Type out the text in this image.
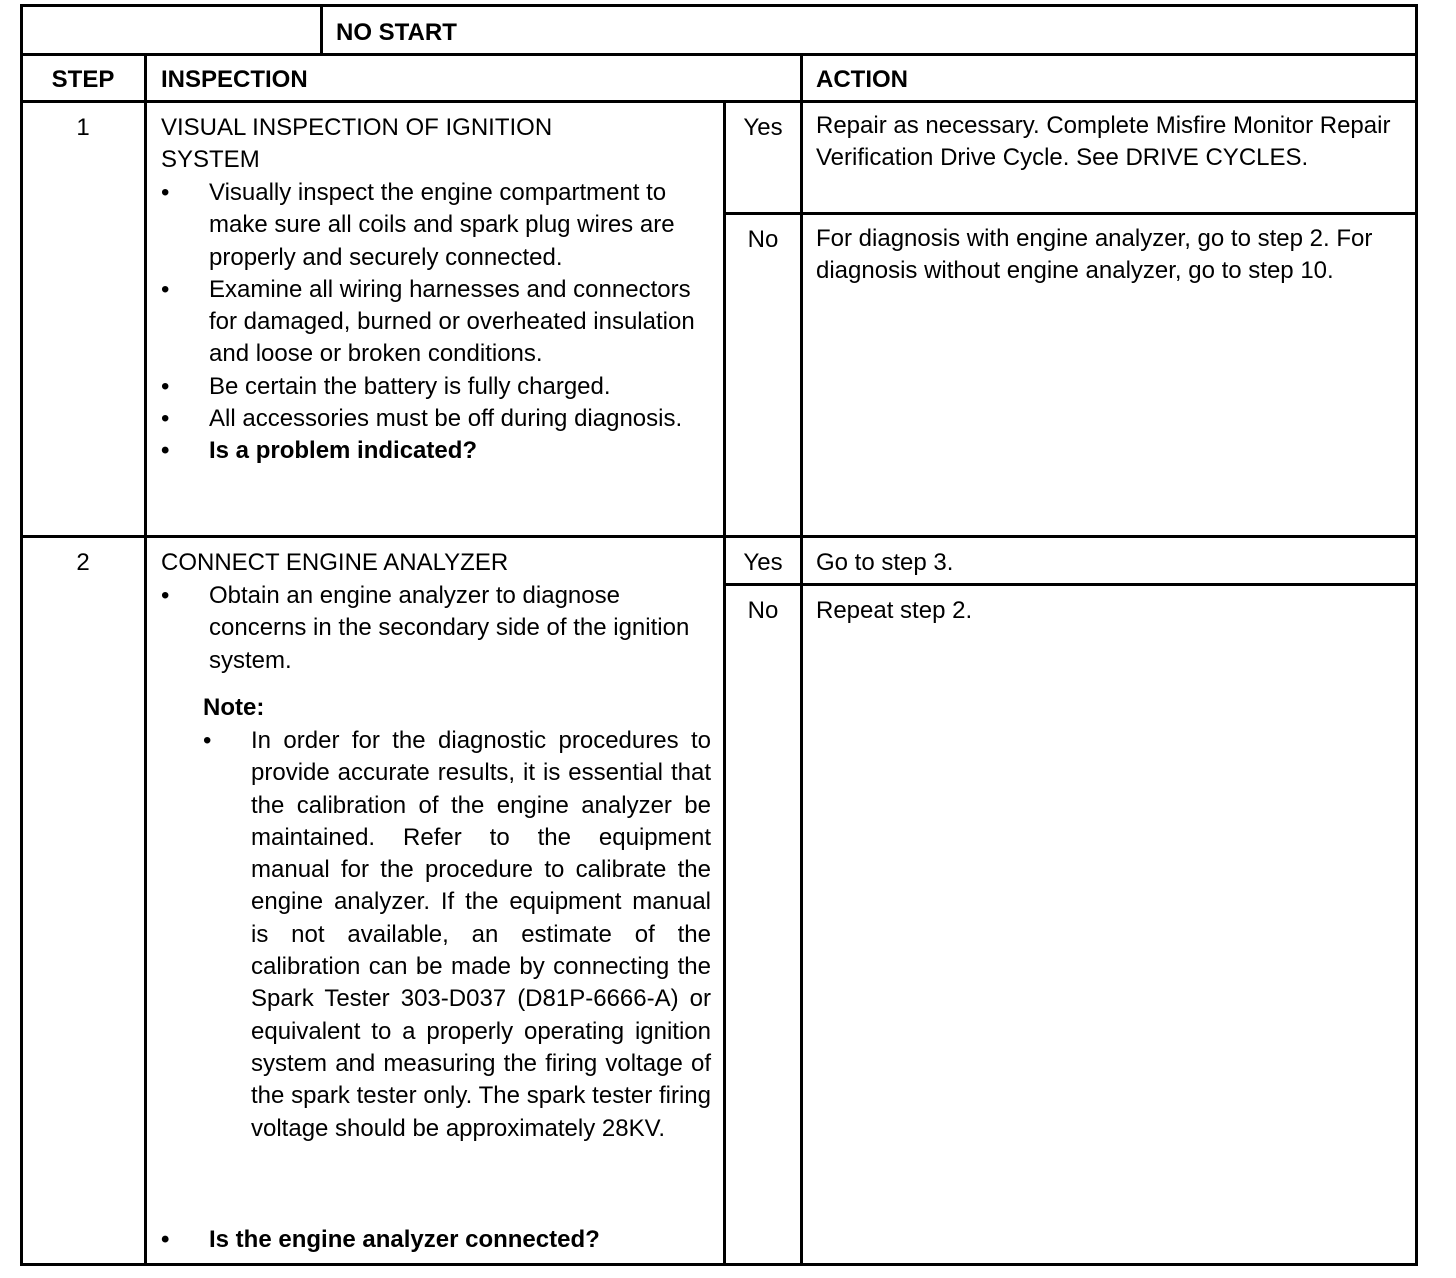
NO START
STEP	INSPECTION	ACTION
1	VISUAL INSPECTION OF IGNITION SYSTEM
• Visually inspect the engine compartment to make sure all coils and spark plug wires are properly and securely connected.
• Examine all wiring harnesses and connectors for damaged, burned or overheated insulation and loose or broken conditions.
• Be certain the battery is fully charged.
• All accessories must be off during diagnosis.
• Is a problem indicated?
Yes	Repair as necessary. Complete Misfire Monitor Repair Verification Drive Cycle. See DRIVE CYCLES.
No	For diagnosis with engine analyzer, go to step 2. For diagnosis without engine analyzer, go to step 10.
2	CONNECT ENGINE ANALYZER
• Obtain an engine analyzer to diagnose concerns in the secondary side of the ignition system.
Note:
• In order for the diagnostic procedures to provide accurate results, it is essential that the calibration of the engine analyzer be maintained. Refer to the equipment manual for the procedure to calibrate the engine analyzer. If the equipment manual is not available, an estimate of the calibration can be made by connecting the Spark Tester 303-D037 (D81P-6666-A) or equivalent to a properly operating ignition system and measuring the firing voltage of the spark tester only. The spark tester firing voltage should be approximately 28KV.
• Is the engine analyzer connected?
Yes	Go to step 3.
No	Repeat step 2.
